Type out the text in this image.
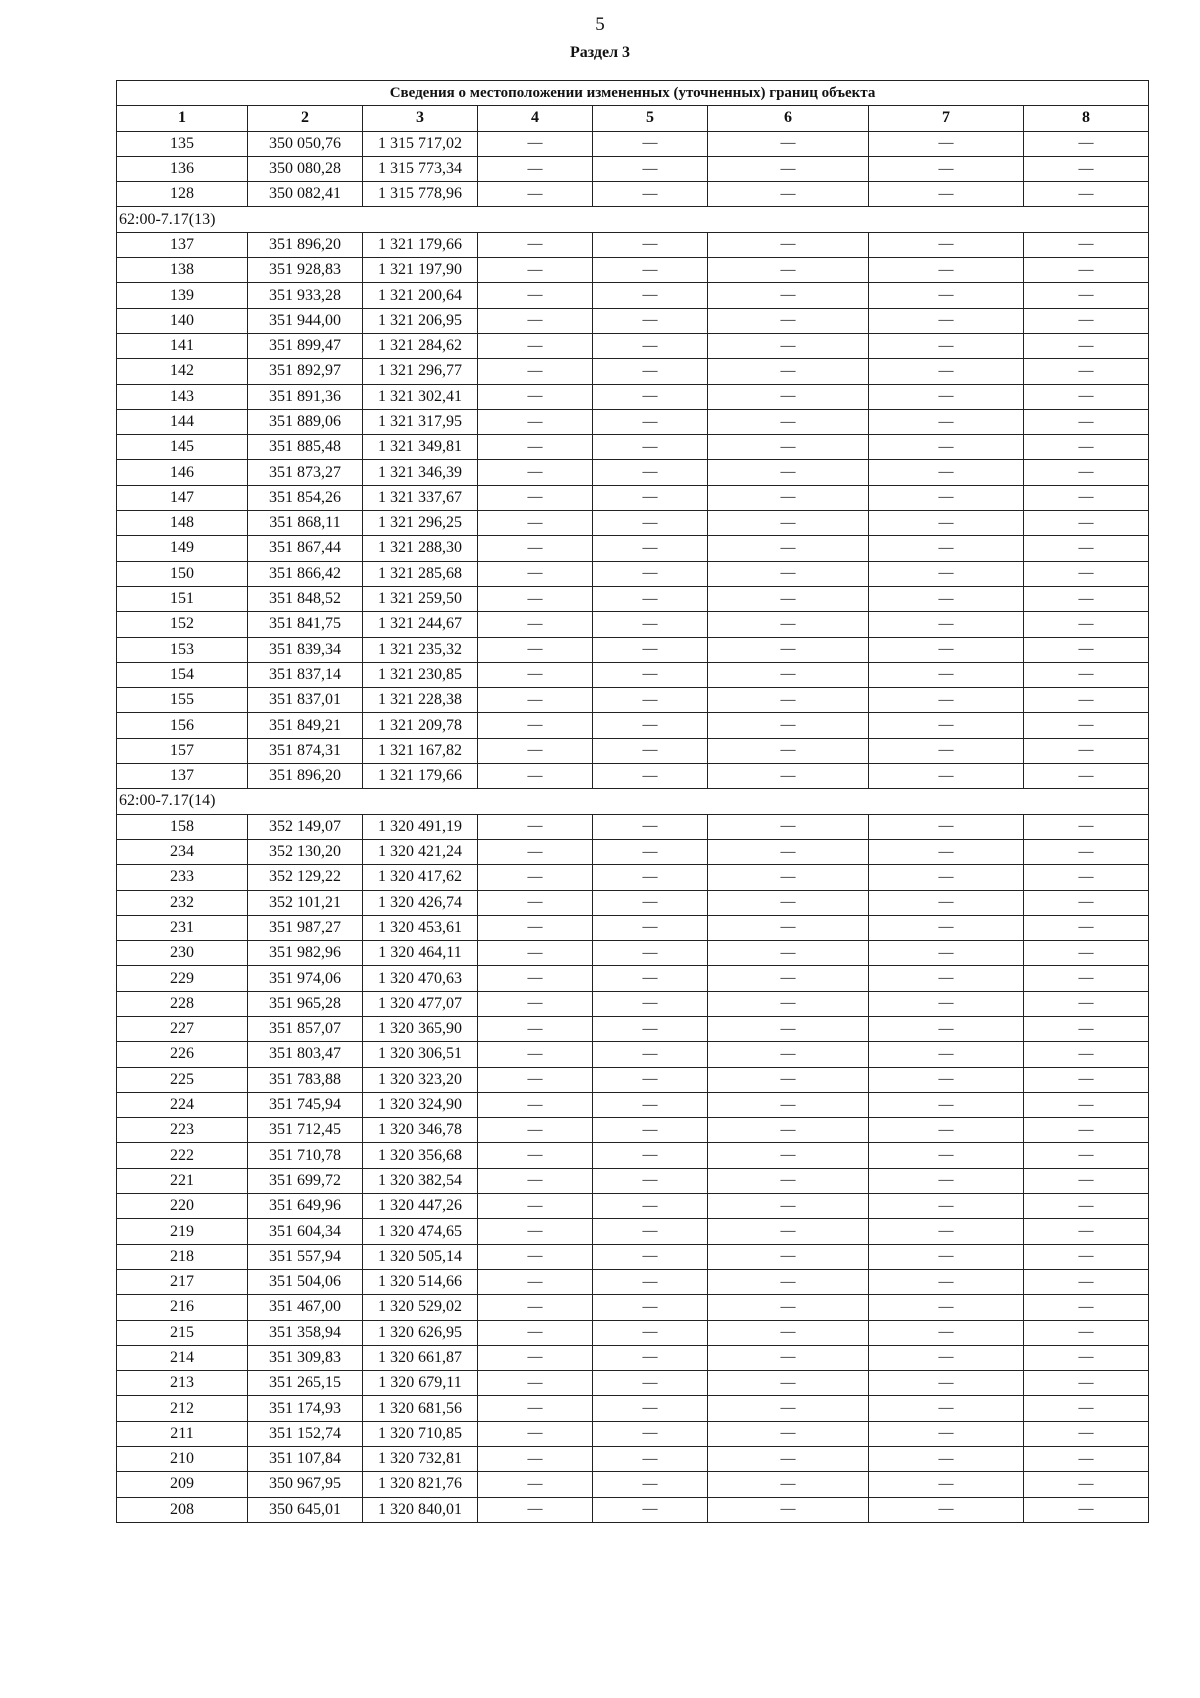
5
Раздел 3
Сведения о местоположении измененных (уточненных) границ объекта							
1	2	3	4	5	6	7	8
135	350 050,76	1 315 717,02	—	—	—	—	—
136	350 080,28	1 315 773,34	—	—	—	—	—
128	350 082,41	1 315 778,96	—	—	—	—	—
62:00-7.17(13)							
137	351 896,20	1 321 179,66	—	—	—	—	—
138	351 928,83	1 321 197,90	—	—	—	—	—
139	351 933,28	1 321 200,64	—	—	—	—	—
140	351 944,00	1 321 206,95	—	—	—	—	—
141	351 899,47	1 321 284,62	—	—	—	—	—
142	351 892,97	1 321 296,77	—	—	—	—	—
143	351 891,36	1 321 302,41	—	—	—	—	—
144	351 889,06	1 321 317,95	—	—	—	—	—
145	351 885,48	1 321 349,81	—	—	—	—	—
146	351 873,27	1 321 346,39	—	—	—	—	—
147	351 854,26	1 321 337,67	—	—	—	—	—
148	351 868,11	1 321 296,25	—	—	—	—	—
149	351 867,44	1 321 288,30	—	—	—	—	—
150	351 866,42	1 321 285,68	—	—	—	—	—
151	351 848,52	1 321 259,50	—	—	—	—	—
152	351 841,75	1 321 244,67	—	—	—	—	—
153	351 839,34	1 321 235,32	—	—	—	—	—
154	351 837,14	1 321 230,85	—	—	—	—	—
155	351 837,01	1 321 228,38	—	—	—	—	—
156	351 849,21	1 321 209,78	—	—	—	—	—
157	351 874,31	1 321 167,82	—	—	—	—	—
137	351 896,20	1 321 179,66	—	—	—	—	—
62:00-7.17(14)							
158	352 149,07	1 320 491,19	—	—	—	—	—
234	352 130,20	1 320 421,24	—	—	—	—	—
233	352 129,22	1 320 417,62	—	—	—	—	—
232	352 101,21	1 320 426,74	—	—	—	—	—
231	351 987,27	1 320 453,61	—	—	—	—	—
230	351 982,96	1 320 464,11	—	—	—	—	—
229	351 974,06	1 320 470,63	—	—	—	—	—
228	351 965,28	1 320 477,07	—	—	—	—	—
227	351 857,07	1 320 365,90	—	—	—	—	—
226	351 803,47	1 320 306,51	—	—	—	—	—
225	351 783,88	1 320 323,20	—	—	—	—	—
224	351 745,94	1 320 324,90	—	—	—	—	—
223	351 712,45	1 320 346,78	—	—	—	—	—
222	351 710,78	1 320 356,68	—	—	—	—	—
221	351 699,72	1 320 382,54	—	—	—	—	—
220	351 649,96	1 320 447,26	—	—	—	—	—
219	351 604,34	1 320 474,65	—	—	—	—	—
218	351 557,94	1 320 505,14	—	—	—	—	—
217	351 504,06	1 320 514,66	—	—	—	—	—
216	351 467,00	1 320 529,02	—	—	—	—	—
215	351 358,94	1 320 626,95	—	—	—	—	—
214	351 309,83	1 320 661,87	—	—	—	—	—
213	351 265,15	1 320 679,11	—	—	—	—	—
212	351 174,93	1 320 681,56	—	—	—	—	—
211	351 152,74	1 320 710,85	—	—	—	—	—
210	351 107,84	1 320 732,81	—	—	—	—	—
209	350 967,95	1 320 821,76	—	—	—	—	—
208	350 645,01	1 320 840,01	—	—	—	—	—
